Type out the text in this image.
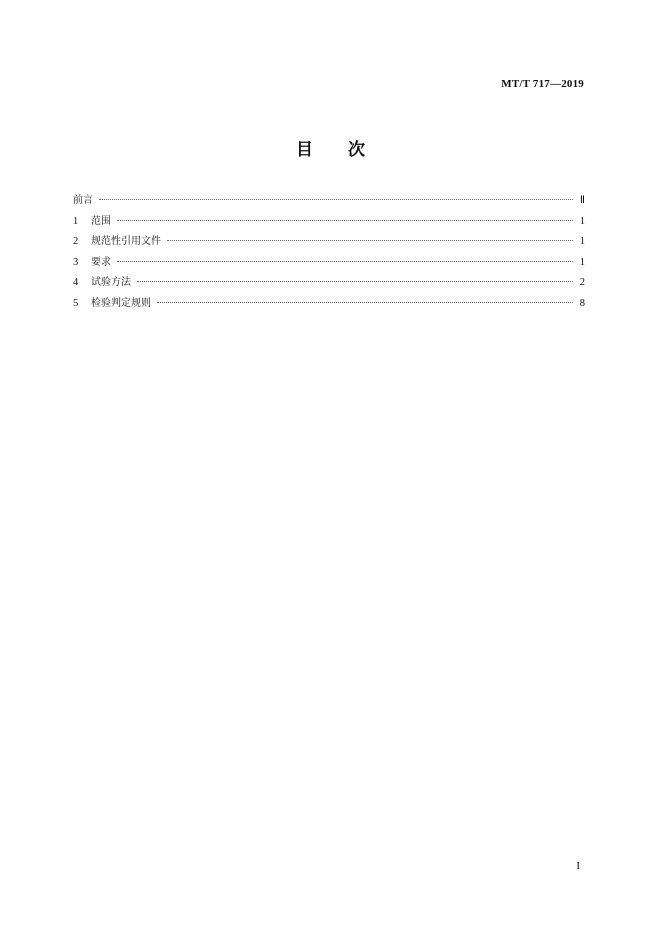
MT/T 717—2019
目 次
前言	Ⅱ
1	范围	1
2	规范性引用文件	1
3	要求	1
4	试验方法	2
5	检验判定规则	8
I
